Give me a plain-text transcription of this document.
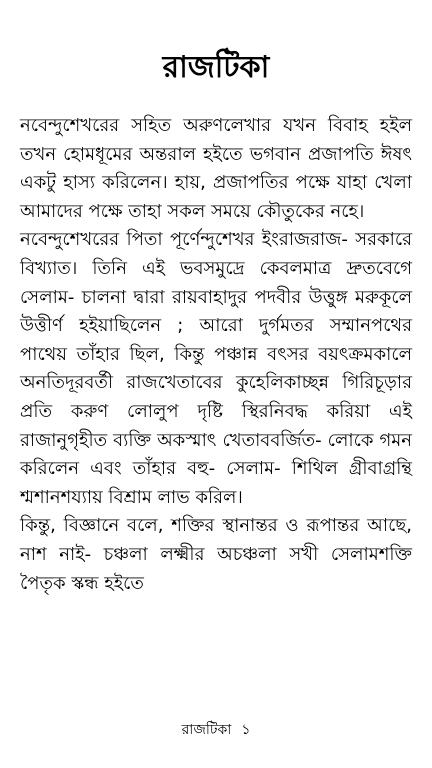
রাজটিকা

নবেন্দুশেখরের সহিত অরুণলেখার যখন বিবাহ হইল তখন হোমধূমের অন্তরাল হইতে ভগবান প্রজাপতি ঈষৎ একটু হাস্য করিলেন। হায়, প্রজাপতির পক্ষে যাহা খেলা আমাদের পক্ষে তাহা সকল সময়ে কৌতুকের নহে।

নবেন্দুশেখরের পিতা পূর্ণেন্দুশেখর ইংরাজরাজ- সরকারে বিখ্যাত। তিনি এই ভবসমুদ্রে কেবলমাত্র দ্রুতবেগে সেলাম- চালনা দ্বারা রায়বাহাদুর পদবীর উত্তুঙ্গ মরুকূলে উত্তীর্ণ হইয়াছিলেন ; আরো দুর্গমতর সম্মানপথের পাথেয় তাঁহার ছিল, কিন্তু পঞ্চান্ন বৎসর বয়ৎক্রমকালে অনতিদূরবর্তী রাজখেতাবের কুহেলিকাচ্ছন্ন গিরিচূড়ার প্রতি করুণ লোলুপ দৃষ্টি স্থিরনিবদ্ধ করিয়া এই রাজানুগৃহীত ব্যক্তি অকস্মাৎ খেতাববর্জিত- লোকে গমন করিলেন এবং তাঁহার বহু- সেলাম- শিথিল গ্রীবাগ্রন্থি শ্মশানশয্যায় বিশ্রাম লাভ করিল।

কিন্তু, বিজ্ঞানে বলে, শক্তির স্থানান্তর ও রূপান্তর আছে, নাশ নাই- চঞ্চলা লক্ষ্মীর অচঞ্চলা সখী সেলামশক্তি পৈতৃক স্কন্ধ হইতে

রাজটিকা ১
